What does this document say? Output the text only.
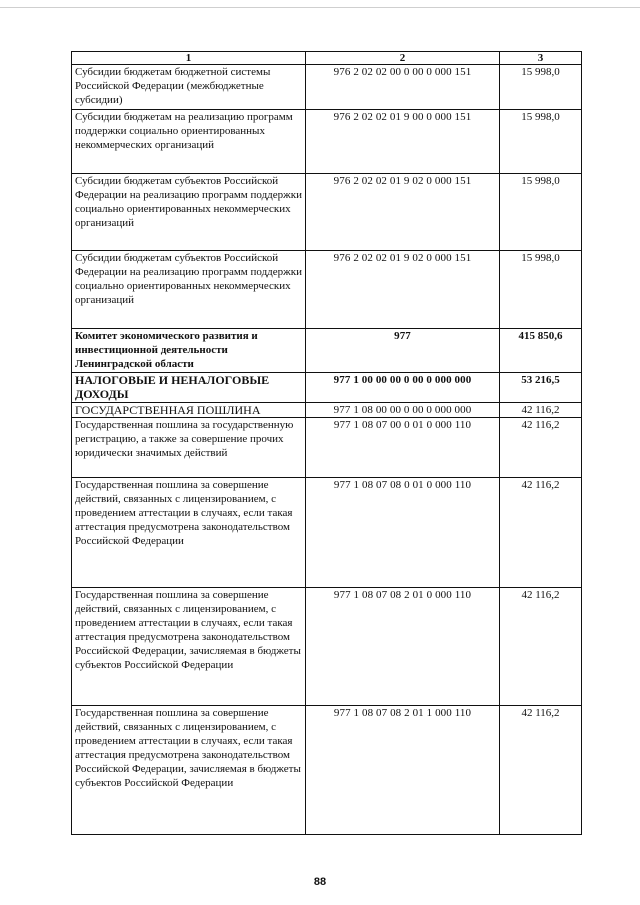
1	2	3
Субсидии бюджетам бюджетной системы Российской Федерации (межбюджетные субсидии)	976 2 02 02 00 0 00 0 000 151	15 998,0
Субсидии бюджетам на реализацию программ поддержки социально ориентированных некоммерческих организаций	976 2 02 02 01 9 00 0 000 151	15 998,0
Субсидии бюджетам субъектов Российской Федерации на реализацию программ поддержки социально ориентированных некоммерческих организаций	976 2 02 02 01 9 02 0 000 151	15 998,0
Субсидии бюджетам субъектов Российской Федерации на реализацию программ поддержки социально ориентированных некоммерческих организаций	976 2 02 02 01 9 02 0 000 151	15 998,0
Комитет экономического развития и инвестиционной деятельности Ленинградской области	977	415 850,6
НАЛОГОВЫЕ И НЕНАЛОГОВЫЕ ДОХОДЫ	977 1 00 00 00 0 00 0 000 000	53 216,5
ГОСУДАРСТВЕННАЯ ПОШЛИНА	977 1 08 00 00 0 00 0 000 000	42 116,2
Государственная пошлина за государственную регистрацию, а также за совершение прочих юридически значимых действий	977 1 08 07 00 0 01 0 000 110	42 116,2
Государственная пошлина за совершение действий, связанных с лицензированием, с проведением аттестации в случаях, если такая аттестация предусмотрена законодательством Российской Федерации	977 1 08 07 08 0 01 0 000 110	42 116,2
Государственная пошлина за совершение действий, связанных с лицензированием, с проведением аттестации в случаях, если такая аттестация предусмотрена законодательством Российской Федерации, зачисляемая в бюджеты субъектов Российской Федерации	977 1 08 07 08 2 01 0 000 110	42 116,2
Государственная пошлина за совершение действий, связанных с лицензированием, с проведением аттестации в случаях, если такая аттестация предусмотрена законодательством Российской Федерации, зачисляемая в бюджеты субъектов Российской Федерации	977 1 08 07 08 2 01 1 000 110	42 116,2
88
